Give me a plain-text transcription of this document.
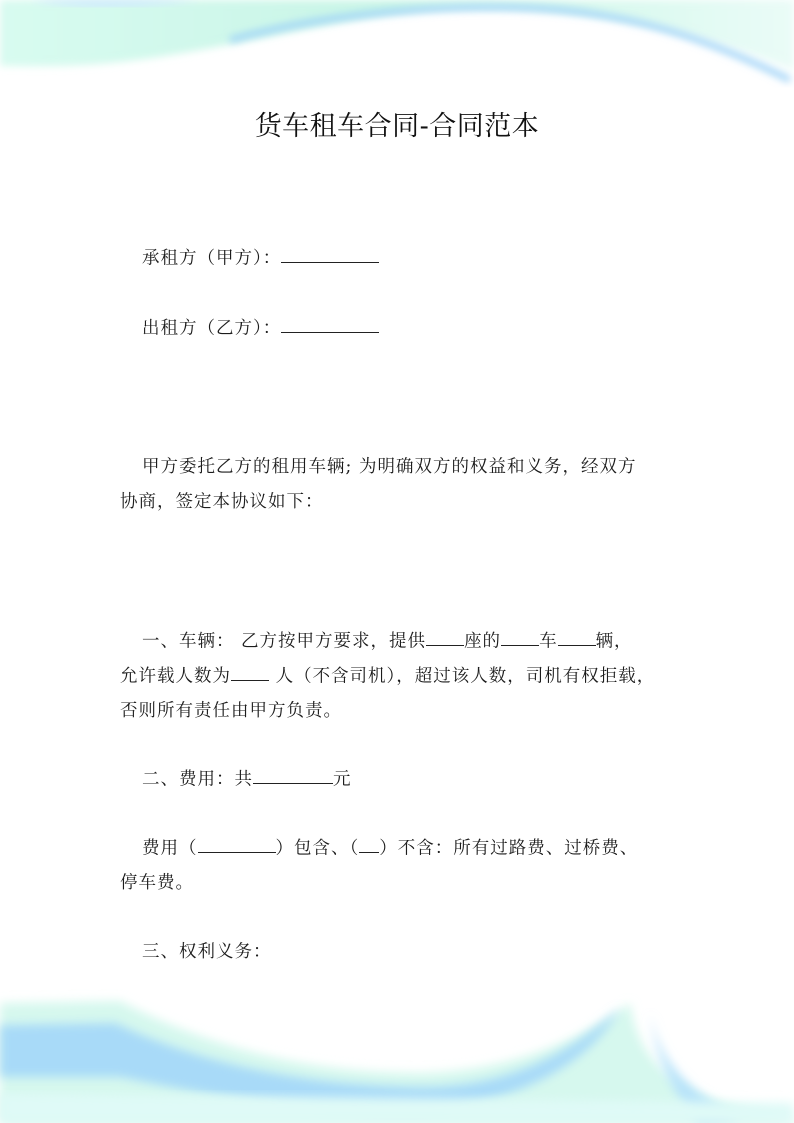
货车租车合同-合同范本
承租方（甲方）：
出租方（乙方）：
甲方委托乙方的租用车辆; 为明确双方的权益和义务，经双方
协商，签定本协议如下：
一、车辆： 乙方按甲方要求，提供 座的 车 辆，
允许载人数为 人（不含司机），超过该人数，司机有权拒载，
否则所有责任由甲方负责。
二、费用：共	元
费用（	）包含、（ ）不含：所有过路费、过桥费、
停车费。
三、权利义务：
